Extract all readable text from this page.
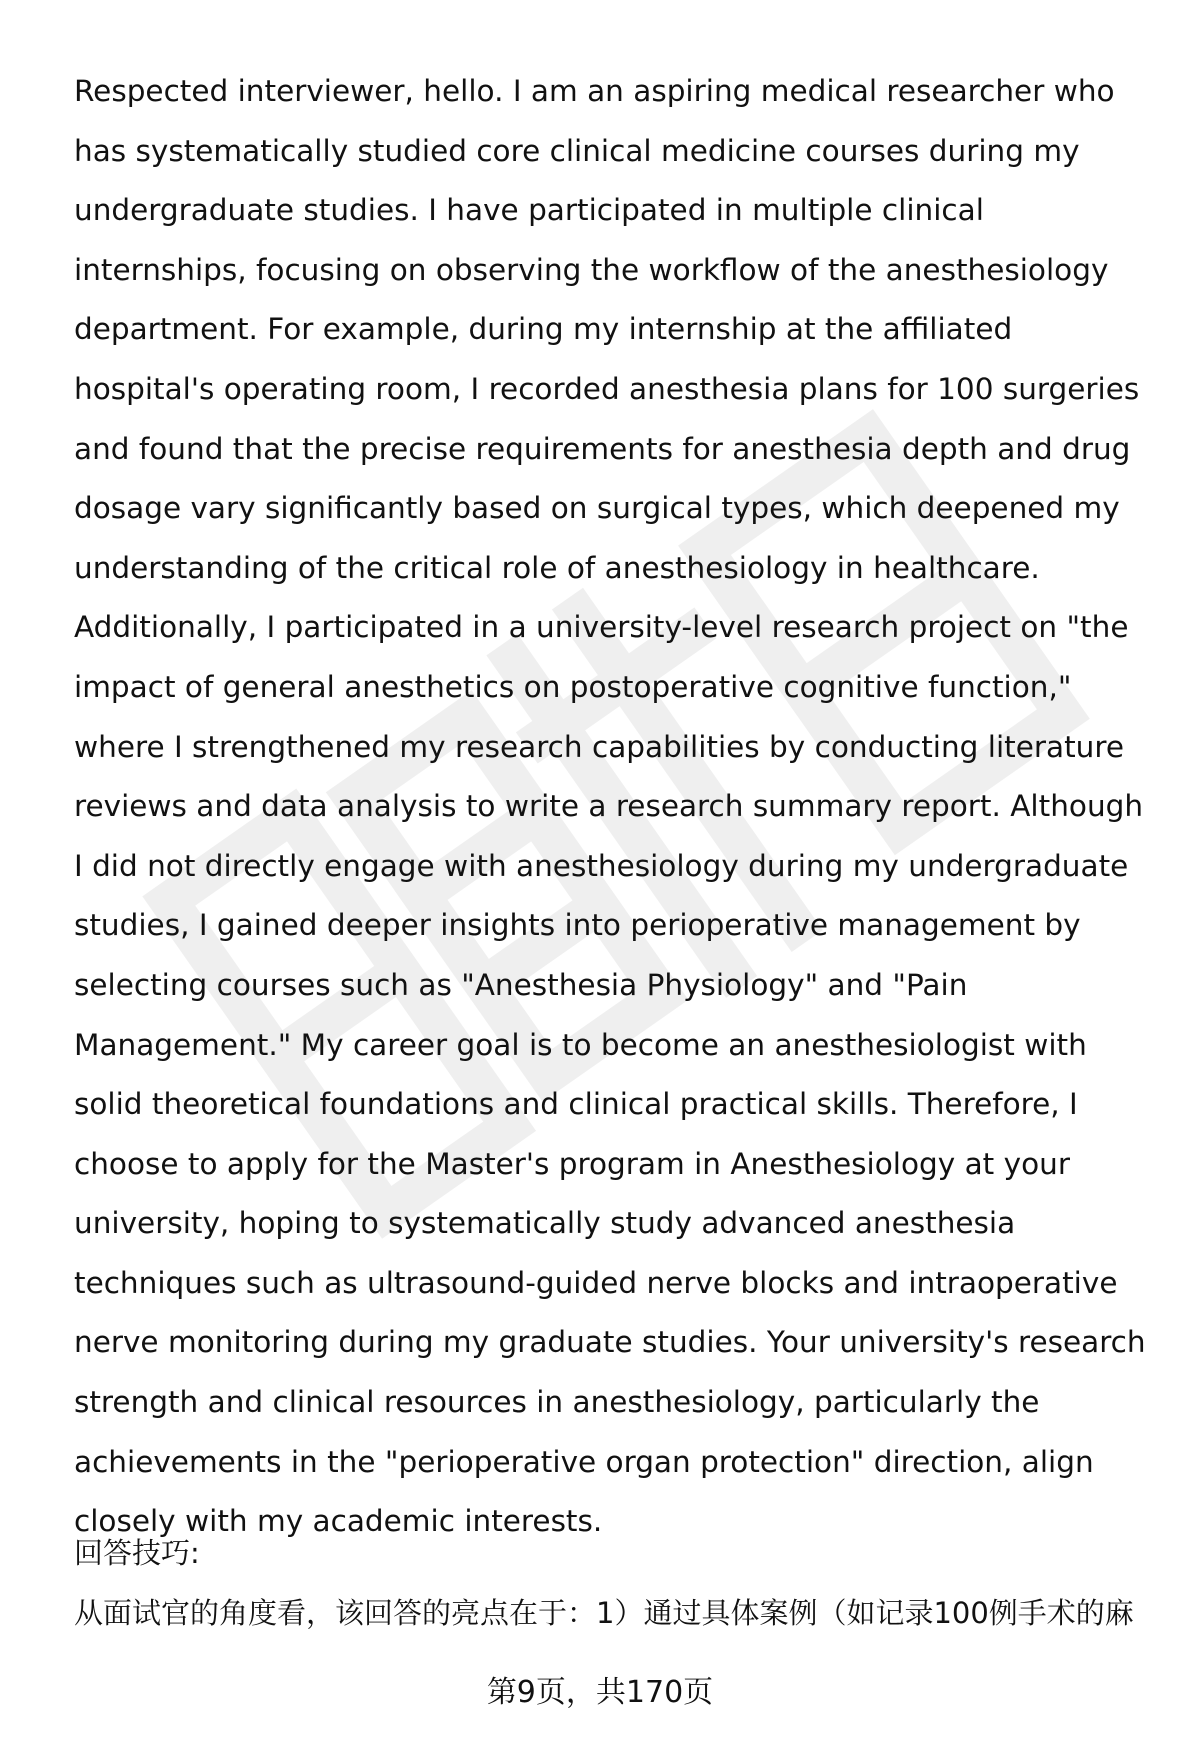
Respected interviewer, hello. I am an aspiring medical researcher who has systematically studied core clinical medicine courses during my undergraduate studies. I have participated in multiple clinical internships, focusing on observing the workflow of the anesthesiology department. For example, during my internship at the affiliated hospital's operating room, I recorded anesthesia plans for 100 surgeries and found that the precise requirements for anesthesia depth and drug dosage vary significantly based on surgical types, which deepened my understanding of the critical role of anesthesiology in healthcare. Additionally, I participated in a university-level research project on "the impact of general anesthetics on postoperative cognitive function," where I strengthened my research capabilities by conducting literature reviews and data analysis to write a research summary report. Although I did not directly engage with anesthesiology during my undergraduate studies, I gained deeper insights into perioperative management by selecting courses such as "Anesthesia Physiology" and "Pain Management." My career goal is to become an anesthesiologist with solid theoretical foundations and clinical practical skills. Therefore, I choose to apply for the Master's program in Anesthesiology at your university, hoping to systematically study advanced anesthesia techniques such as ultrasound-guided nerve blocks and intraoperative nerve monitoring during my graduate studies. Your university's research strength and clinical resources in anesthesiology, particularly the achievements in the "perioperative organ protection" direction, align closely with my academic interests.

回答技巧:

从面试官的角度看，该回答的亮点在于：1）通过具体案例（如记录100例手术的麻

第9页，共170页
